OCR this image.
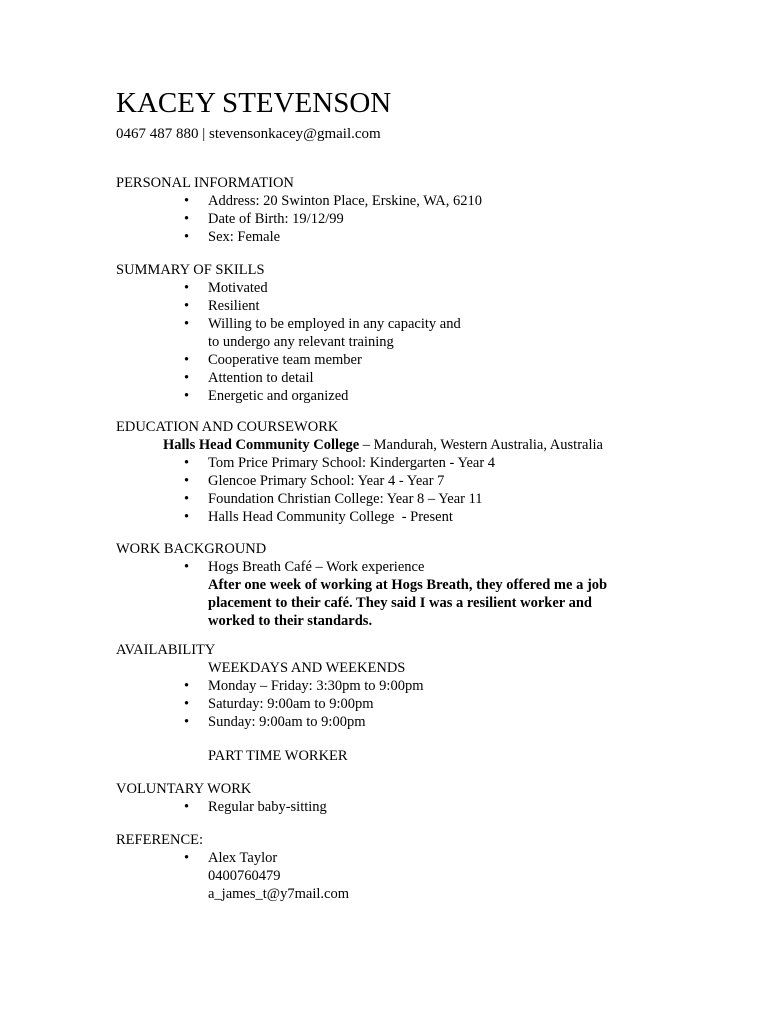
KACEY STEVENSON
0467 487 880 | stevensonkacey@gmail.com
PERSONAL INFORMATION
• Address: 20 Swinton Place, Erskine, WA, 6210
• Date of Birth: 19/12/99
• Sex: Female
SUMMARY OF SKILLS
• Motivated
• Resilient
• Willing to be employed in any capacity and
to undergo any relevant training
• Cooperative team member
• Attention to detail
• Energetic and organized
EDUCATION AND COURSEWORK
Halls Head Community College – Mandurah, Western Australia, Australia
• Tom Price Primary School: Kindergarten - Year 4
• Glencoe Primary School: Year 4 - Year 7
• Foundation Christian College: Year 8 – Year 11
• Halls Head Community College  - Present
WORK BACKGROUND
• Hogs Breath Café – Work experience
After one week of working at Hogs Breath, they offered me a job
placement to their café. They said I was a resilient worker and
worked to their standards.
AVAILABILITY
WEEKDAYS AND WEEKENDS
• Monday – Friday: 3:30pm to 9:00pm
• Saturday: 9:00am to 9:00pm
• Sunday: 9:00am to 9:00pm
PART TIME WORKER
VOLUNTARY WORK
• Regular baby-sitting
REFERENCE:
• Alex Taylor
0400760479
a_james_t@y7mail.com
